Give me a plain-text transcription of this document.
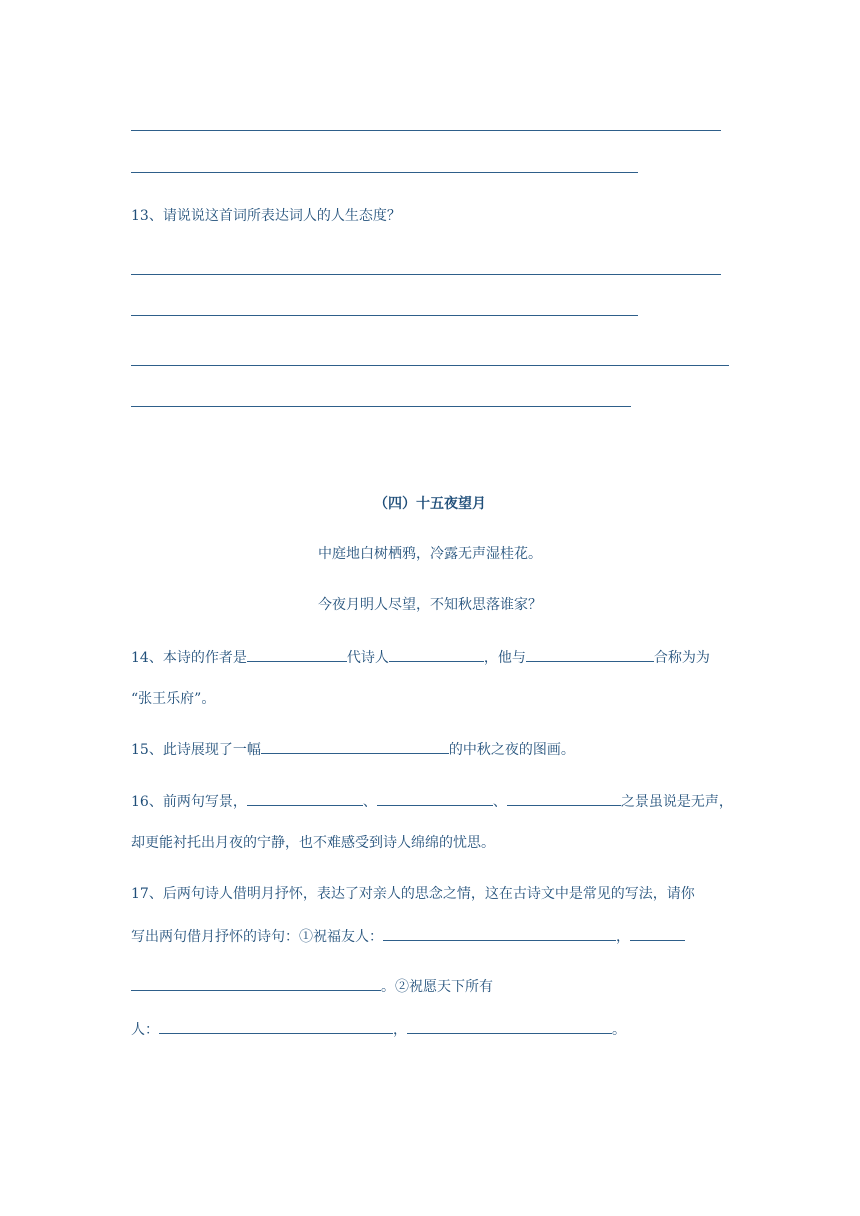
13、请说说这首词所表达词人的人生态度？
（四）十五夜望月
中庭地白树栖鸦，冷露无声湿桂花。
今夜月明人尽望，不知秋思落谁家？
14、本诗的作者是	代诗人	，他与	合称为为
“张王乐府”。
15、此诗展现了一幅	的中秋之夜的图画。
16、前两句写景，	、	、	之景虽说是无声，
却更能衬托出月夜的宁静，也不难感受到诗人绵绵的忧思。
17、后两句诗人借明月抒怀，表达了对亲人的思念之情，这在古诗文中是常见的写法，请你
写出两句借月抒怀的诗句：①祝福友人：	，
。②祝愿天下所有
人：	，	。
